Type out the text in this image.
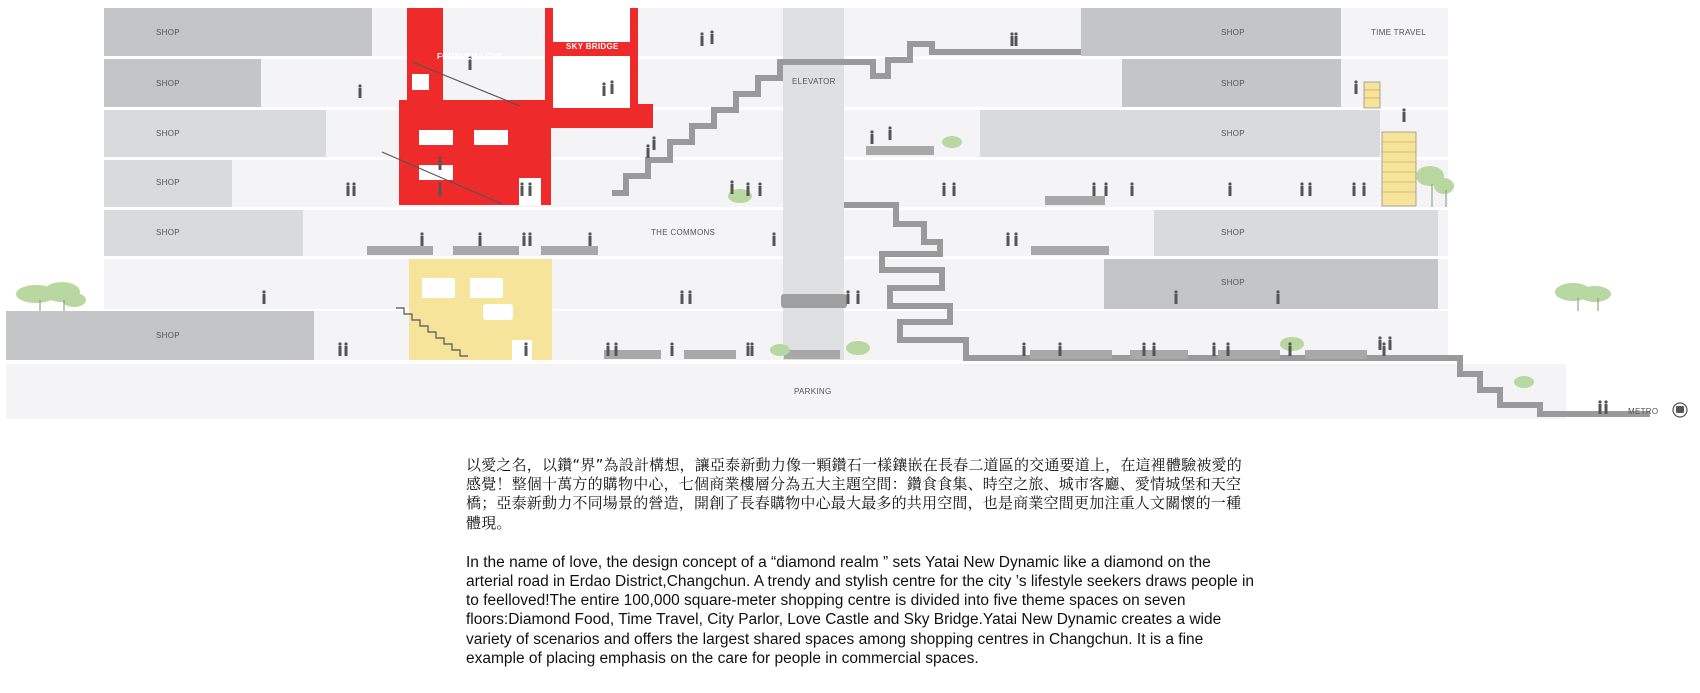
SHOP
SHOP
SHOP
SHOP
SHOP
SHOP
SHOP
SHOP
SHOP
SHOP
SHOP
TIME TRAVEL
FOREVER LOVE
SKY BRIDGE
ELEVATOR
THE COMMONS
PARKING
METRO

以愛之名，以鑽“界”為設計構想，讓亞泰新動力像一顆鑽石一樣鑲嵌在長春二道區的交通要道上，在這裡體驗被愛的感覺！整個十萬方的購物中心，七個商業樓層分為五大主題空間：鑽食食集、時空之旅、城市客廳、愛情城堡和天空橋；亞泰新動力不同場景的營造，開創了長春購物中心最大最多的共用空間，也是商業空間更加注重人文關懷的一種體現。

In the name of love, the design concept of a “diamond realm ” sets Yatai New Dynamic like a diamond on the arterial road in Erdao District,Changchun. A trendy and stylish centre for the city ’s lifestyle seekers draws people in to feelloved!The entire 100,000 square-meter shopping centre is divided into five theme spaces on seven floors:Diamond Food, Time Travel, City Parlor, Love Castle and Sky Bridge.Yatai New Dynamic creates a wide variety of scenarios and offers the largest shared spaces among shopping centres in Changchun. It is a fine example of placing emphasis on the care for people in commercial spaces.
